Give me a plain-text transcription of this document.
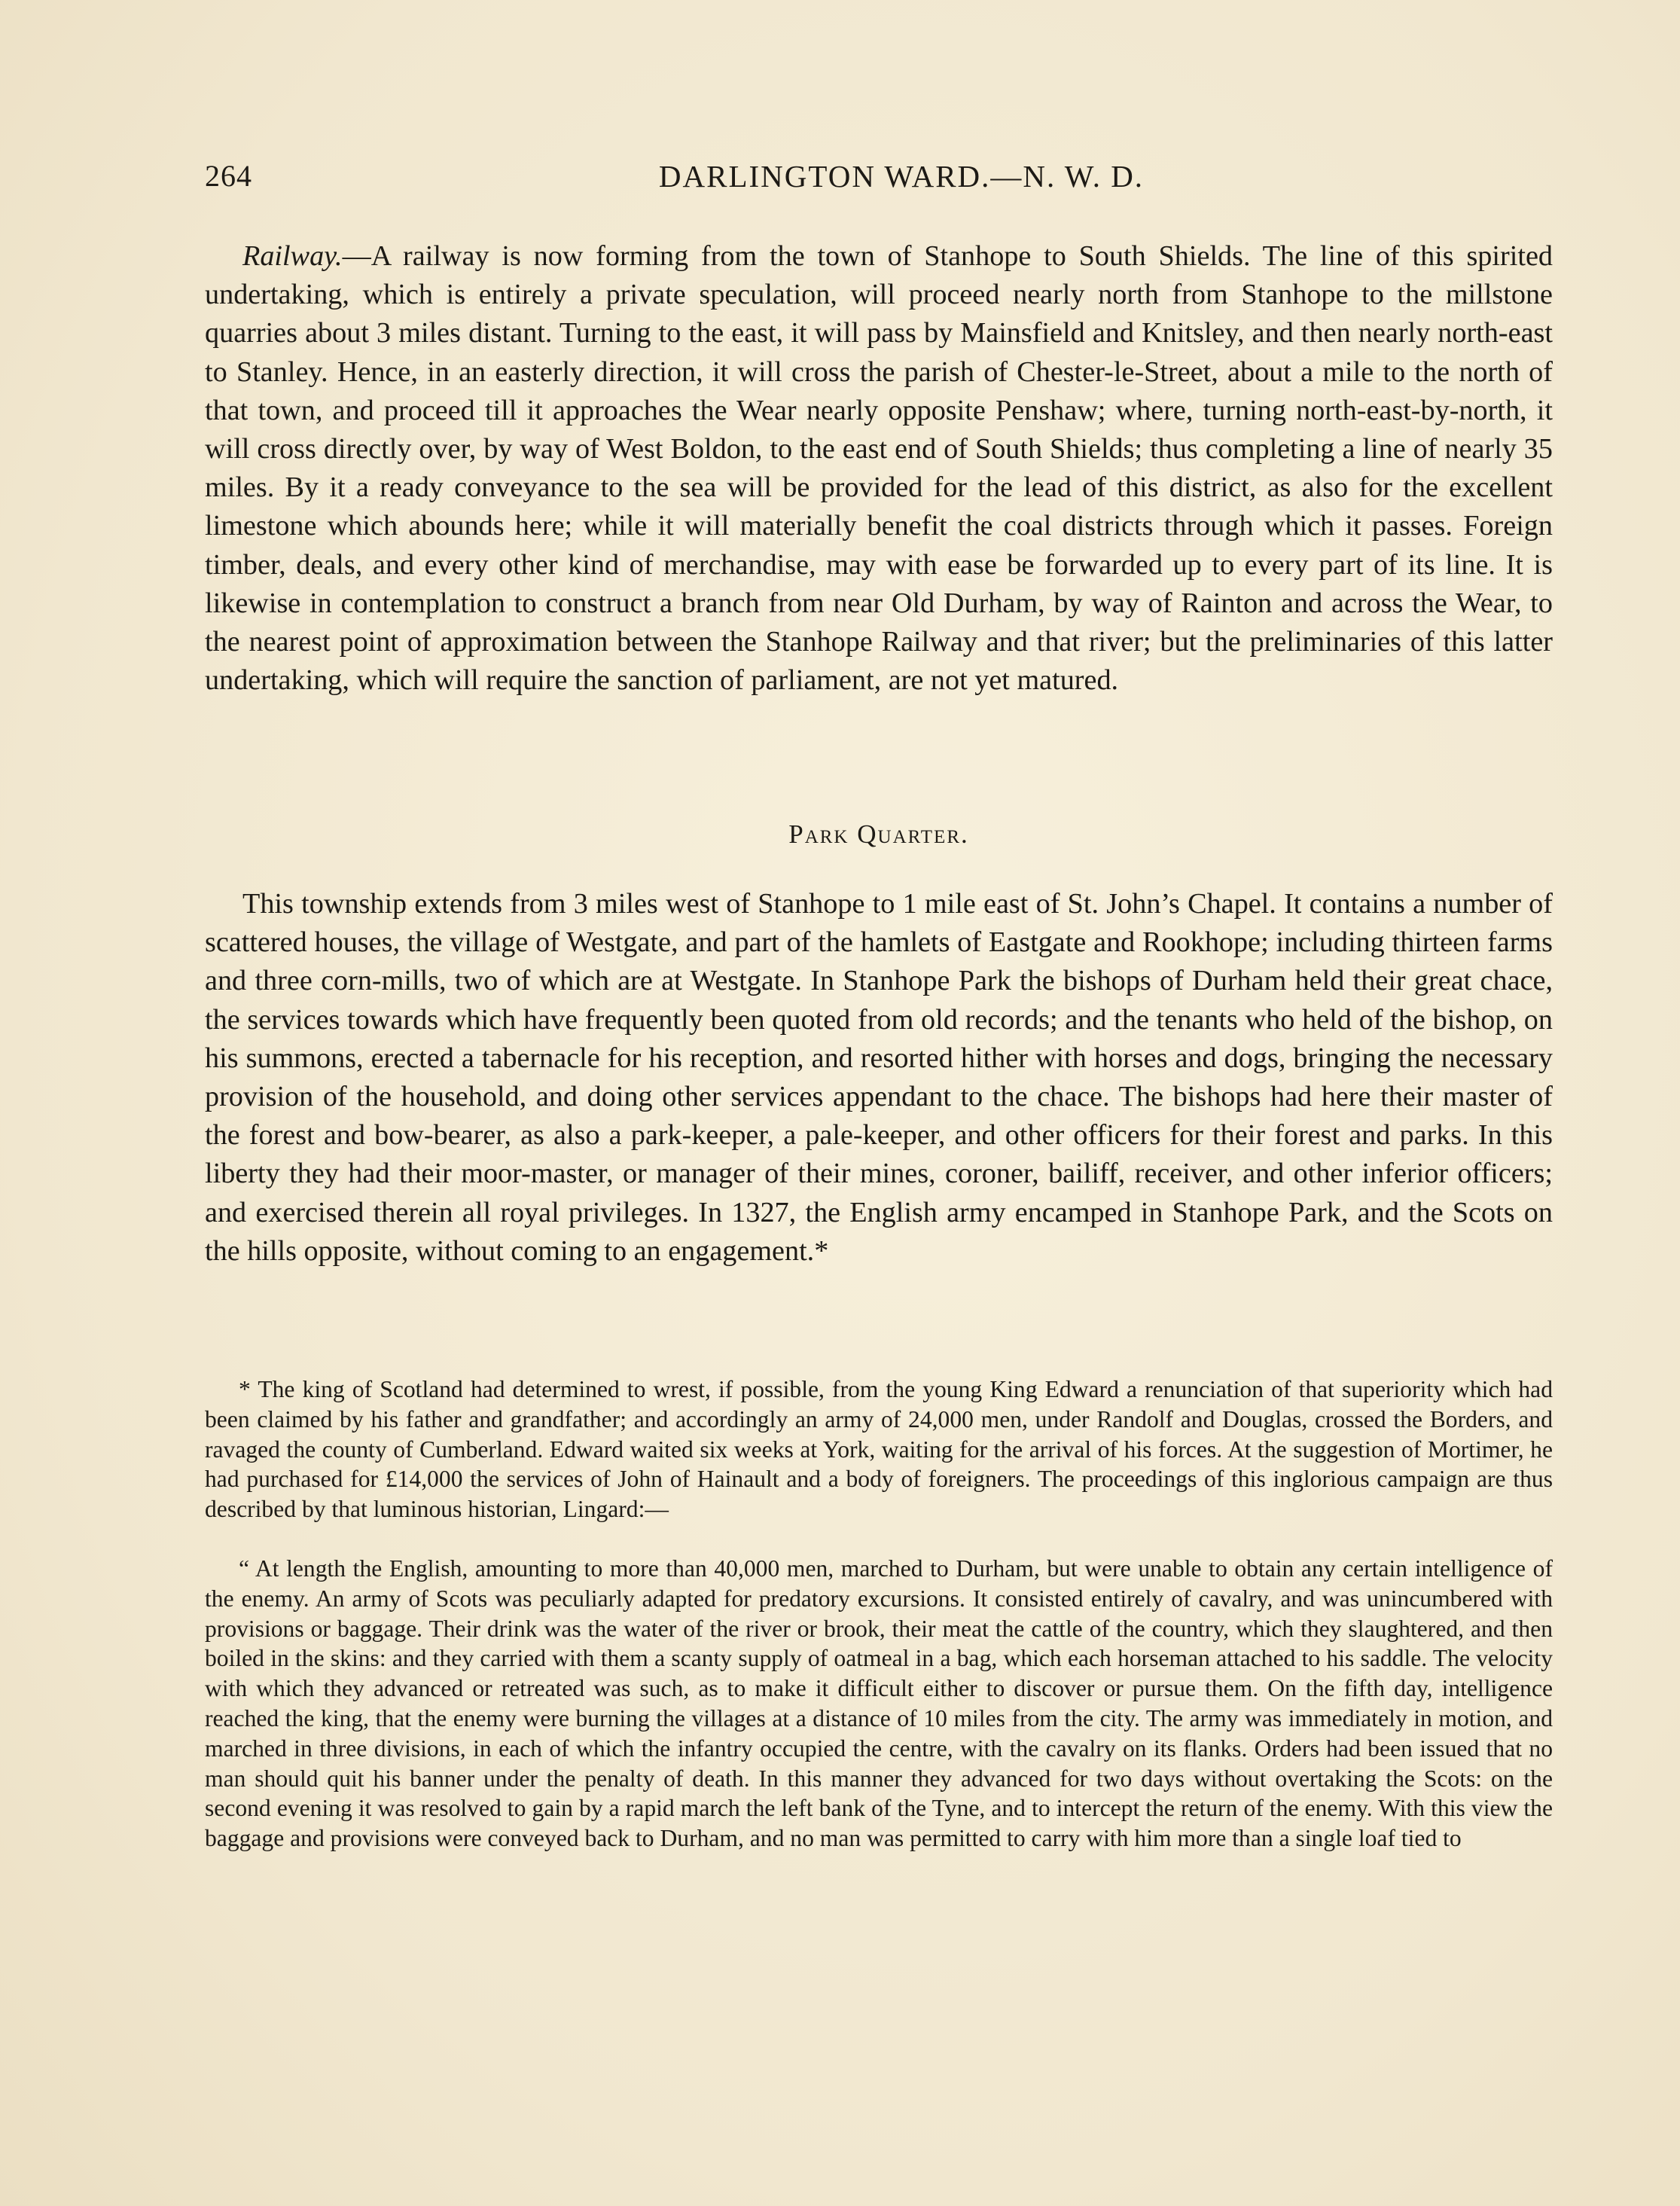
264	DARLINGTON WARD.—N. W. D.

Railway.—A railway is now forming from the town of Stanhope to South Shields. The line of this spirited undertaking, which is entirely a private speculation, will proceed nearly north from Stanhope to the millstone quarries about 3 miles distant. Turning to the east, it will pass by Mainsfield and Knitsley, and then nearly north-east to Stanley. Hence, in an easterly direction, it will cross the parish of Chester-le-Street, about a mile to the north of that town, and proceed till it approaches the Wear nearly opposite Penshaw; where, turning north-east-by-north, it will cross directly over, by way of West Boldon, to the east end of South Shields; thus completing a line of nearly 35 miles. By it a ready conveyance to the sea will be provided for the lead of this district, as also for the excellent limestone which abounds here; while it will materially benefit the coal districts through which it passes. Foreign timber, deals, and every other kind of merchandise, may with ease be forwarded up to every part of its line. It is likewise in contemplation to construct a branch from near Old Durham, by way of Rainton and across the Wear, to the nearest point of approximation between the Stanhope Railway and that river; but the preliminaries of this latter undertaking, which will require the sanction of parliament, are not yet matured.

Park Quarter.

This township extends from 3 miles west of Stanhope to 1 mile east of St. John’s Chapel. It contains a number of scattered houses, the village of Westgate, and part of the hamlets of Eastgate and Rookhope; including thirteen farms and three corn-mills, two of which are at Westgate. In Stanhope Park the bishops of Durham held their great chace, the services towards which have frequently been quoted from old records; and the tenants who held of the bishop, on his summons, erected a tabernacle for his reception, and resorted hither with horses and dogs, bringing the necessary provision of the household, and doing other services appendant to the chace. The bishops had here their master of the forest and bow-bearer, as also a park-keeper, a pale-keeper, and other officers for their forest and parks. In this liberty they had their moor-master, or manager of their mines, coroner, bailiff, receiver, and other inferior officers; and exercised therein all royal privileges. In 1327, the English army encamped in Stanhope Park, and the Scots on the hills opposite, without coming to an engagement.*

* The king of Scotland had determined to wrest, if possible, from the young King Edward a renunciation of that superiority which had been claimed by his father and grandfather; and accordingly an army of 24,000 men, under Randolf and Douglas, crossed the Borders, and ravaged the county of Cumberland. Edward waited six weeks at York, waiting for the arrival of his forces. At the suggestion of Mortimer, he had purchased for £14,000 the services of John of Hainault and a body of foreigners. The proceedings of this inglorious campaign are thus described by that luminous historian, Lingard:—

“ At length the English, amounting to more than 40,000 men, marched to Durham, but were unable to obtain any certain intelligence of the enemy. An army of Scots was peculiarly adapted for predatory excursions. It consisted entirely of cavalry, and was unincumbered with provisions or baggage. Their drink was the water of the river or brook, their meat the cattle of the country, which they slaughtered, and then boiled in the skins: and they carried with them a scanty supply of oatmeal in a bag, which each horseman attached to his saddle. The velocity with which they advanced or retreated was such, as to make it difficult either to discover or pursue them. On the fifth day, intelligence reached the king, that the enemy were burning the villages at a distance of 10 miles from the city. The army was immediately in motion, and marched in three divisions, in each of which the infantry occupied the centre, with the cavalry on its flanks. Orders had been issued that no man should quit his banner under the penalty of death. In this manner they advanced for two days without overtaking the Scots: on the second evening it was resolved to gain by a rapid march the left bank of the Tyne, and to intercept the return of the enemy. With this view the baggage and provisions were conveyed back to Durham, and no man was permitted to carry with him more than a single loaf tied to
